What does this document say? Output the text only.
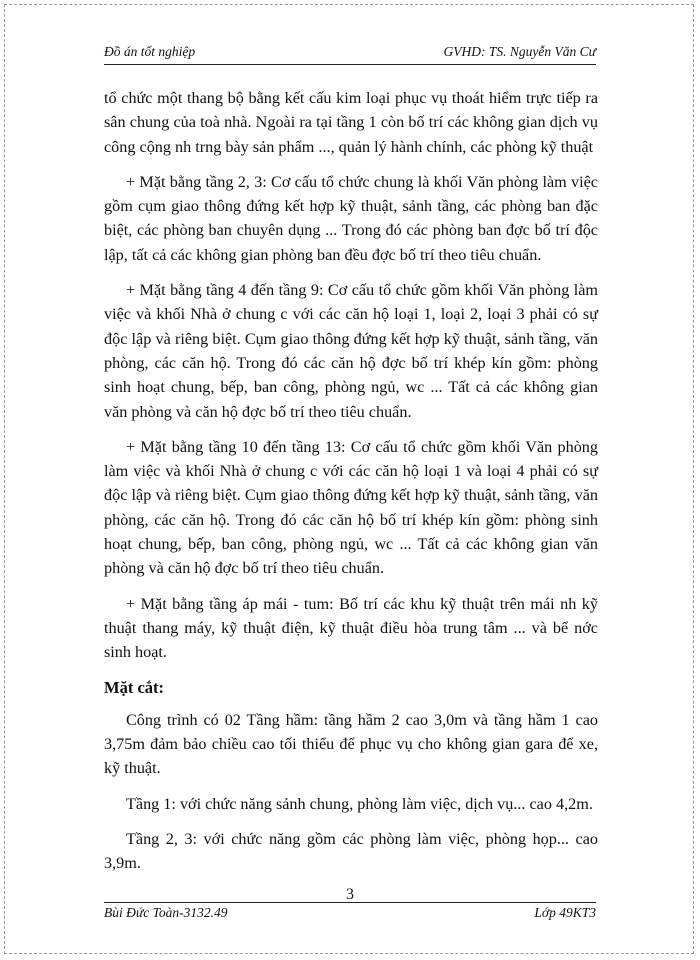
Đồ án tốt nghiệp	GVHD: TS. Nguyễn Văn Cư

tổ chức một thang bộ bằng kết cấu kim loại phục vụ thoát hiểm trực tiếp ra sân chung của toà nhà. Ngoài ra tại tầng 1 còn bố trí các không gian dịch vụ công cộng nh trng bày sản phẩm ..., quản lý hành chính, các phòng kỹ thuật

+ Mặt bằng tầng 2, 3: Cơ cấu tổ chức chung là khối Văn phòng làm việc gồm cụm giao thông đứng kết hợp kỹ thuật, sảnh tầng, các phòng ban đặc biệt, các phòng ban chuyên dụng ... Trong đó các phòng ban đợc bố trí độc lập, tất cả các không gian phòng ban đều đợc bố trí theo tiêu chuẩn.

+ Mặt bằng tầng 4 đến tầng 9: Cơ cấu tổ chức gồm khối Văn phòng làm việc và khối Nhà ở chung c với các căn hộ loại 1, loại 2, loại 3 phải có sự độc lập và riêng biệt. Cụm giao thông đứng kết hợp kỹ thuật, sảnh tầng, văn phòng, các căn hộ. Trong đó các căn hộ đợc bố trí khép kín gồm: phòng sinh hoạt chung, bếp, ban công, phòng ngủ, wc ... Tất cả các không gian văn phòng và căn hộ đợc bố trí theo tiêu chuẩn.

+ Mặt bằng tầng 10 đến tầng 13: Cơ cấu tổ chức gồm khối Văn phòng làm việc và khối Nhà ở chung c với các căn hộ loại 1 và loại 4 phải có sự độc lập và riêng biệt. Cụm giao thông đứng kết hợp kỹ thuật, sảnh tầng, văn phòng, các căn hộ. Trong đó các căn hộ bố trí khép kín gồm: phòng sinh hoạt chung, bếp, ban công, phòng ngủ, wc ... Tất cả các không gian văn phòng và căn hộ đợc bố trí theo tiêu chuẩn.

+ Mặt bằng tầng áp mái - tum: Bố trí các khu kỹ thuật trên mái nh kỹ thuật thang máy, kỹ thuật điện, kỹ thuật điều hòa trung tâm ... và bể nớc sinh hoạt.

Mặt cắt:

Công trình có 02 Tầng hầm: tầng hầm 2 cao 3,0m và tầng hầm 1 cao 3,75m đảm bảo chiều cao tối thiểu để phục vụ cho không gian gara để xe, kỹ thuật.

Tầng 1: với chức năng sảnh chung, phòng làm việc, dịch vụ... cao 4,2m.

Tầng 2, 3: với chức năng gồm các phòng làm việc, phòng họp... cao 3,9m.

3
Bùi Đức Toàn-3132.49	Lớp 49KT3
